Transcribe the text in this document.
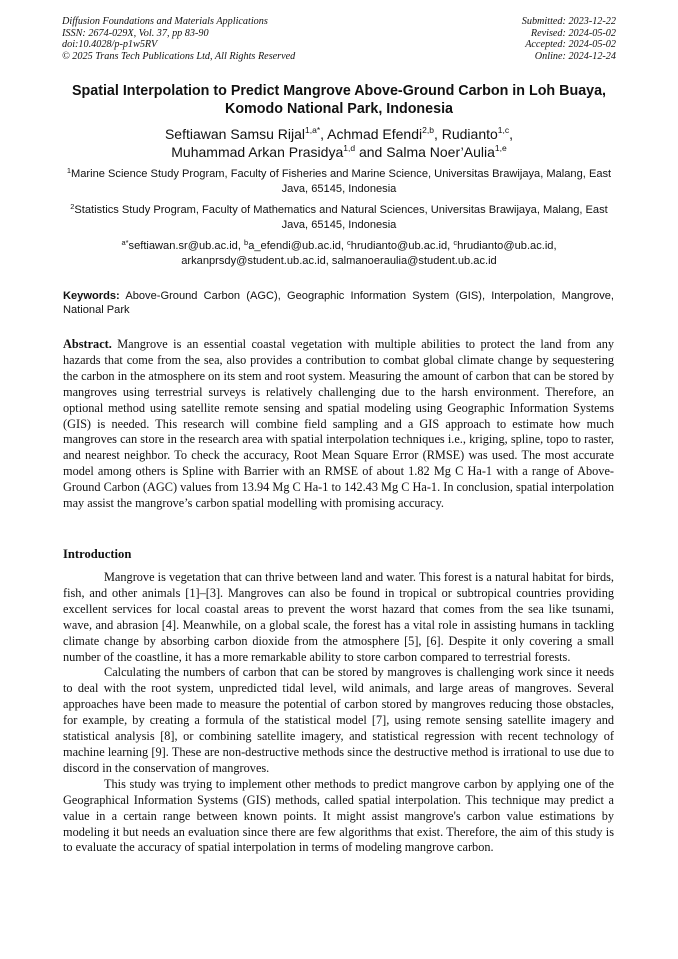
Diffusion Foundations and Materials Applications
ISSN: 2674-029X, Vol. 37, pp 83-90
doi:10.4028/p-p1w5RV
© 2025 Trans Tech Publications Ltd, All Rights Reserved
Submitted: 2023-12-22
Revised: 2024-05-02
Accepted: 2024-05-02
Online: 2024-12-24
Spatial Interpolation to Predict Mangrove Above-Ground Carbon in Loh Buaya, Komodo National Park, Indonesia
Seftiawan Samsu Rijal$^{1,a*}$, Achmad Efendi$^{2,b}$, Rudianto$^{1,c}$,
Muhammad Arkan Prasidya$^{1,d}$ and Salma Noer’Aulia$^{1,e}$
$^1$Marine Science Study Program, Faculty of Fisheries and Marine Science, Universitas Brawijaya, Malang, East Java, 65145, Indonesia
$^2$Statistics Study Program, Faculty of Mathematics and Natural Sciences, Universitas Brawijaya, Malang, East Java, 65145, Indonesia
$^{a*}$seftiawan.sr@ub.ac.id, $^b$a_efendi@ub.ac.id, $^c$hrudianto@ub.ac.id, $^c$hrudianto@ub.ac.id,
arkanprsdy@student.ub.ac.id, salmanoeraulia@student.ub.ac.id
Keywords: Above-Ground Carbon (AGC), Geographic Information System (GIS), Interpolation, Mangrove, National Park
Abstract. Mangrove is an essential coastal vegetation with multiple abilities to protect the land from any hazards that come from the sea, also provides a contribution to combat global climate change by sequestering the carbon in the atmosphere on its stem and root system. Measuring the amount of carbon that can be stored by mangroves using terrestrial surveys is relatively challenging due to the harsh environment. Therefore, an optional method using satellite remote sensing and spatial modeling using Geographic Information Systems (GIS) is needed. This research will combine field sampling and a GIS approach to estimate how much mangroves can store in the research area with spatial interpolation techniques i.e., kriging, spline, topo to raster, and nearest neighbor. To check the accuracy, Root Mean Square Error (RMSE) was used. The most accurate model among others is Spline with Barrier with an RMSE of about 1.82 Mg C Ha-1 with a range of Above-Ground Carbon (AGC) values from 13.94 Mg C Ha-1 to 142.43 Mg C Ha-1. In conclusion, spatial interpolation may assist the mangrove’s carbon spatial modelling with promising accuracy.
Introduction

Mangrove is vegetation that can thrive between land and water. This forest is a natural habitat for birds, fish, and other animals [1]–[3]. Mangroves can also be found in tropical or subtropical countries providing excellent services for local coastal areas to prevent the worst hazard that comes from the sea like tsunami, wave, and abrasion [4]. Meanwhile, on a global scale, the forest has a vital role in assisting humans in tackling climate change by absorbing carbon dioxide from the atmosphere [5], [6]. Despite it only covering a small number of the coastline, it has a more remarkable ability to store carbon compared to terrestrial forests.

Calculating the numbers of carbon that can be stored by mangroves is challenging work since it needs to deal with the root system, unpredicted tidal level, wild animals, and large areas of mangroves. Several approaches have been made to measure the potential of carbon stored by mangroves reducing those obstacles, for example, by creating a formula of the statistical model [7], using remote sensing satellite imagery and statistical analysis [8], or combining satellite imagery, and statistical regression with recent technology of machine learning [9]. These are non-destructive methods since the destructive method is irrational to use due to discord in the conservation of mangroves.

This study was trying to implement other methods to predict mangrove carbon by applying one of the Geographical Information Systems (GIS) methods, called spatial interpolation. This technique may predict a value in a certain range between known points. It might assist mangrove's carbon value estimations by modeling it but needs an evaluation since there are few algorithms that exist. Therefore, the aim of this study is to evaluate the accuracy of spatial interpolation in terms of modeling mangrove carbon.
